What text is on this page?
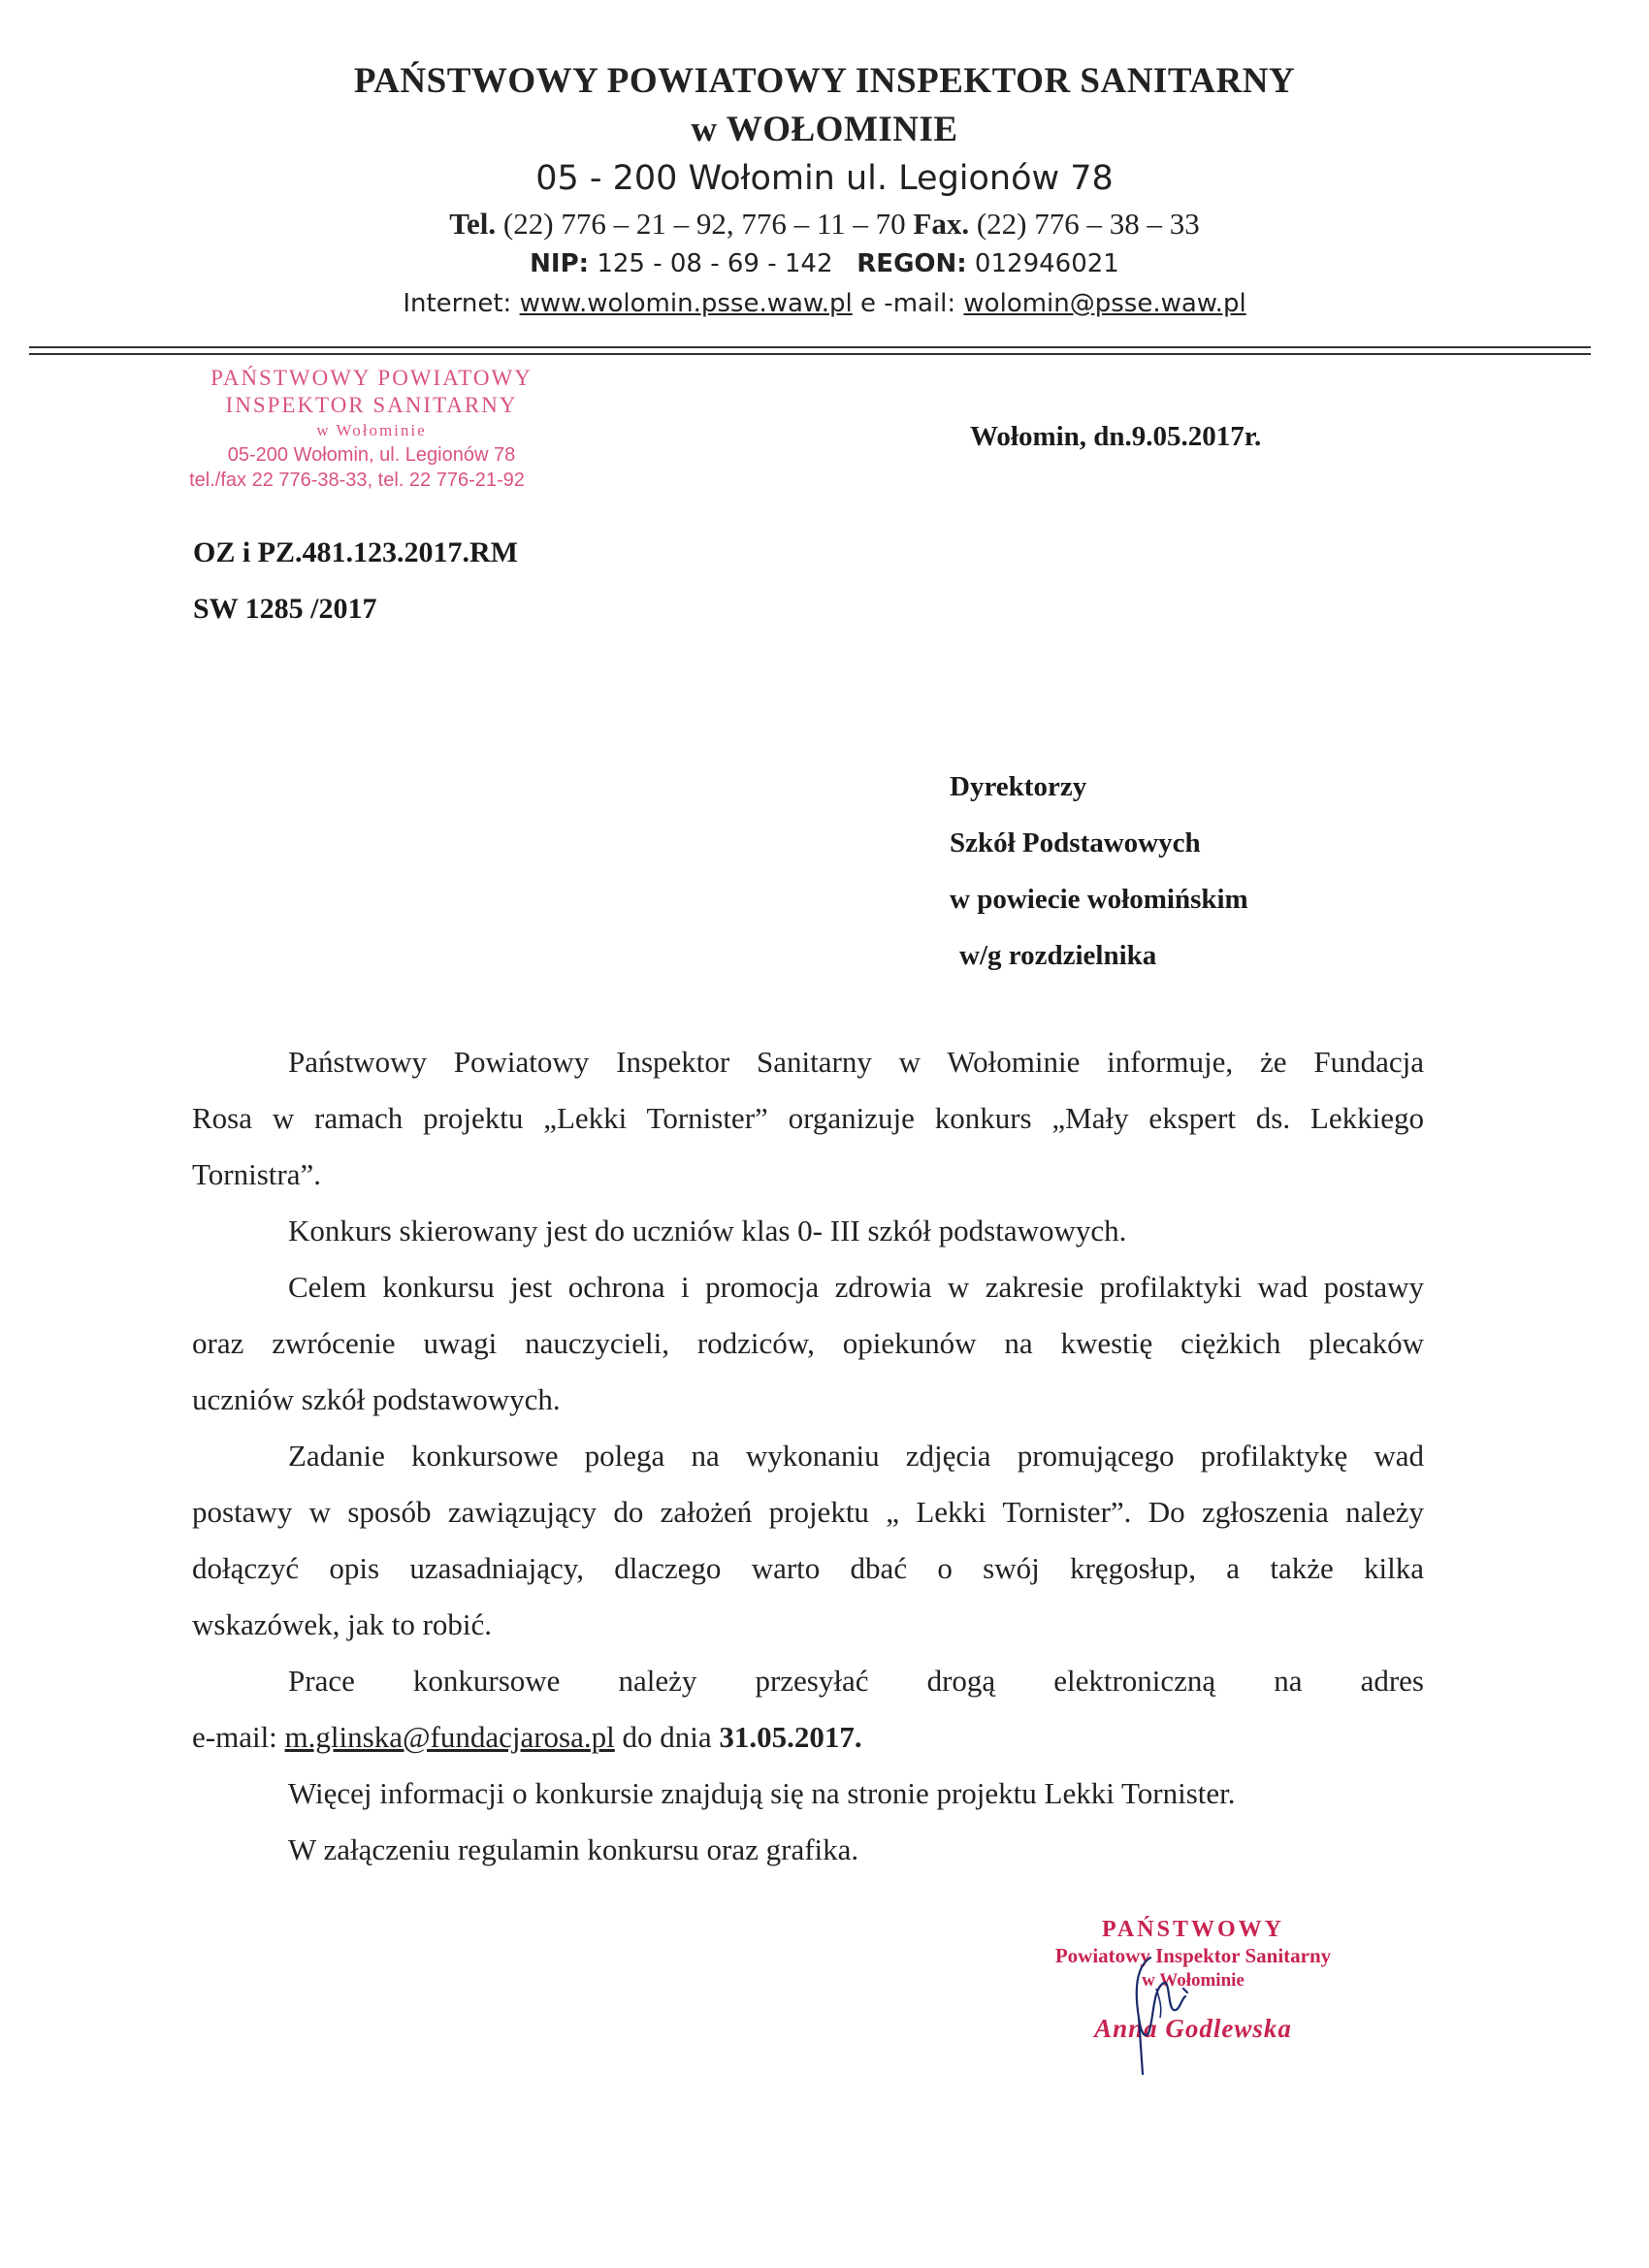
PAŃSTWOWY POWIATOWY INSPEKTOR SANITARNY
w WOŁOMINIE
05 - 200 Wołomin ul. Legionów 78
Tel. (22) 776 – 21 – 92, 776 – 11 – 70 Fax. (22) 776 – 38 – 33
NIP: 125 - 08 - 69 - 142 REGON: 012946021
Internet: www.wolomin.psse.waw.pl e -mail: wolomin@psse.waw.pl
PAŃSTWOWY POWIATOWY
INSPEKTOR SANITARNY
w Wołominie
05-200 Wołomin, ul. Legionów 78
tel./fax 22 776-38-33, tel. 22 776-21-92
Wołomin, dn.9.05.2017r.
OZ i PZ.481.123.2017.RM
SW 1285 /2017
Dyrektorzy
Szkół Podstawowych
w powiecie wołomińskim
w/g rozdzielnika
Państwowy Powiatowy Inspektor Sanitarny w Wołominie informuje, że Fundacja
Rosa w ramach projektu „Lekki Tornister” organizuje konkurs „Mały ekspert ds. Lekkiego
Tornistra”.
Konkurs skierowany jest do uczniów klas 0- III szkół podstawowych.
Celem konkursu jest ochrona i promocja zdrowia w zakresie profilaktyki wad postawy
oraz zwrócenie uwagi nauczycieli, rodziców, opiekunów na kwestię ciężkich plecaków
uczniów szkół podstawowych.
Zadanie konkursowe polega na wykonaniu zdjęcia promującego profilaktykę wad
postawy w sposób zawiązujący do założeń projektu „ Lekki Tornister”. Do zgłoszenia należy
dołączyć opis uzasadniający, dlaczego warto dbać o swój kręgosłup, a także kilka
wskazówek, jak to robić.
Prace konkursowe należy przesyłać drogą elektroniczną na adres
e-mail: m.glinska@fundacjarosa.pl do dnia 31.05.2017.
Więcej informacji o konkursie znajdują się na stronie projektu Lekki Tornister.
W załączeniu regulamin konkursu oraz grafika.
PAŃSTWOWY
Powiatowy Inspektor Sanitarny
w Wołominie
Anna Godlewska
